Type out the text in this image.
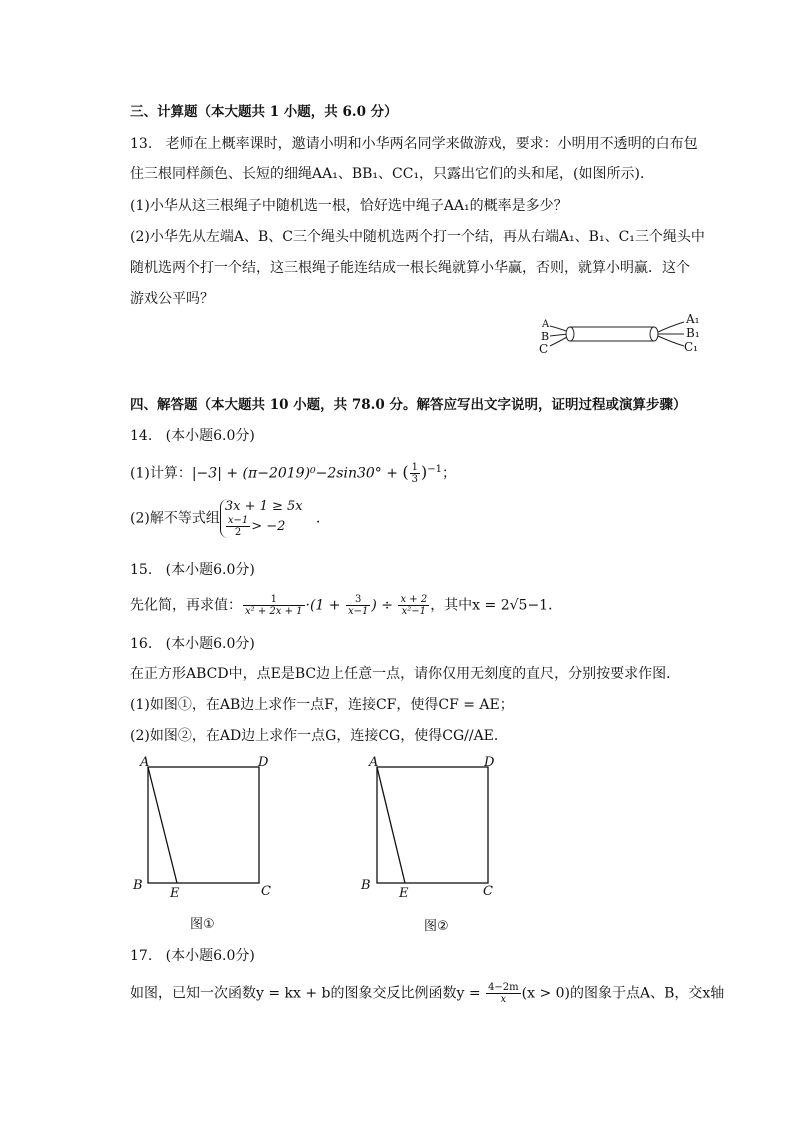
三、计算题（本大题共 1 小题，共 6.0 分）
13. 老师在上概率课时，邀请小明和小华两名同学来做游戏，要求：小明用不透明的白布包
住三根同样颜色、长短的细绳AA₁、BB₁、CC₁，只露出它们的头和尾，(如图所示)．
(1)小华从这三根绳子中随机选一根，恰好选中绳子AA₁的概率是多少？
(2)小华先从左端A、B、C三个绳头中随机选两个打一个结，再从右端A₁、B₁、C₁三个绳头中
随机选两个打一个结，这三根绳子能连结成一根长绳就算小华赢，否则，就算小明赢．这个
游戏公平吗？
A
B
C
A₁
B₁
C₁
四、解答题（本大题共 10 小题，共 78.0 分。解答应写出文字说明，证明过程或演算步骤）
14. (本小题6.0分)
(1)计算：|−3| + (π−2019)⁰−2sin30° + ( $\frac{1}{3} )^{-1}$；
(2)解不等式组
3x + 1 ≥ 5x
$\frac{x-1}{2} > -2$	．
15. (本小题6.0分)
先化简，再求值： $\frac{1}{\text{x² + 2x + 1}} \cdot(1 + \frac{3}{x-1}$ ) ÷ $\frac{x + 2}{\text{x²−1}}$ ，其中x = 2√5−1．
16. (本小题6.0分)
在正方形ABCD中，点E是BC边上任意一点，请你仅用无刻度的直尺，分别按要求作图．
(1)如图①，在AB边上求作一点F，连接CF，使得CF = AE；
(2)如图②，在AD边上求作一点G，连接CG，使得CG//AE．
A	D
B
E	C
图①
A	D
B
E	C
图②
17. (本小题6.0分)
如图，已知一次函数y = kx + b的图象交反比例函数$y = \frac{4-2m}{x} (x > 0)$的图象于点A、B，交x轴
